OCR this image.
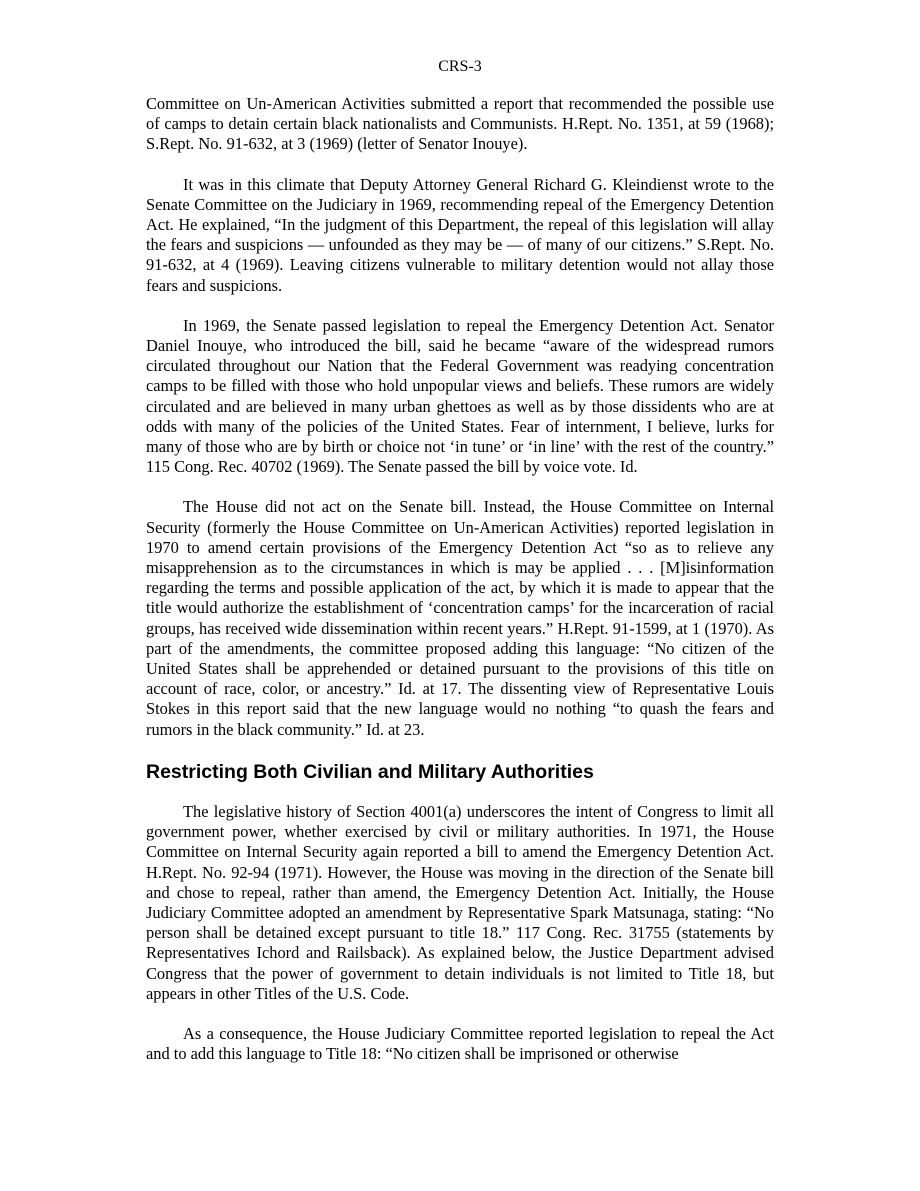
CRS-3

Committee on Un-American Activities submitted a report that recommended the possible use of camps to detain certain black nationalists and Communists. H.Rept. No. 1351, at 59 (1968); S.Rept. No. 91-632, at 3 (1969) (letter of Senator Inouye).

It was in this climate that Deputy Attorney General Richard G. Kleindienst wrote to the Senate Committee on the Judiciary in 1969, recommending repeal of the Emergency Detention Act. He explained, “In the judgment of this Department, the repeal of this legislation will allay the fears and suspicions — unfounded as they may be — of many of our citizens.” S.Rept. No. 91-632, at 4 (1969). Leaving citizens vulnerable to military detention would not allay those fears and suspicions.

In 1969, the Senate passed legislation to repeal the Emergency Detention Act. Senator Daniel Inouye, who introduced the bill, said he became “aware of the widespread rumors circulated throughout our Nation that the Federal Government was readying concentration camps to be filled with those who hold unpopular views and beliefs. These rumors are widely circulated and are believed in many urban ghettoes as well as by those dissidents who are at odds with many of the policies of the United States. Fear of internment, I believe, lurks for many of those who are by birth or choice not ‘in tune’ or ‘in line’ with the rest of the country.” 115 Cong. Rec. 40702 (1969). The Senate passed the bill by voice vote. Id.

The House did not act on the Senate bill. Instead, the House Committee on Internal Security (formerly the House Committee on Un-American Activities) reported legislation in 1970 to amend certain provisions of the Emergency Detention Act “so as to relieve any misapprehension as to the circumstances in which is may be applied . . . [M]isinformation regarding the terms and possible application of the act, by which it is made to appear that the title would authorize the establishment of ‘concentration camps’ for the incarceration of racial groups, has received wide dissemination within recent years.” H.Rept. 91-1599, at 1 (1970). As part of the amendments, the committee proposed adding this language: “No citizen of the United States shall be apprehended or detained pursuant to the provisions of this title on account of race, color, or ancestry.” Id. at 17. The dissenting view of Representative Louis Stokes in this report said that the new language would no nothing “to quash the fears and rumors in the black community.” Id. at 23.

Restricting Both Civilian and Military Authorities

The legislative history of Section 4001(a) underscores the intent of Congress to limit all government power, whether exercised by civil or military authorities. In 1971, the House Committee on Internal Security again reported a bill to amend the Emergency Detention Act. H.Rept. No. 92-94 (1971). However, the House was moving in the direction of the Senate bill and chose to repeal, rather than amend, the Emergency Detention Act. Initially, the House Judiciary Committee adopted an amendment by Representative Spark Matsunaga, stating: “No person shall be detained except pursuant to title 18.” 117 Cong. Rec. 31755 (statements by Representatives Ichord and Railsback). As explained below, the Justice Department advised Congress that the power of government to detain individuals is not limited to Title 18, but appears in other Titles of the U.S. Code.

As a consequence, the House Judiciary Committee reported legislation to repeal the Act and to add this language to Title 18: “No citizen shall be imprisoned or otherwise
